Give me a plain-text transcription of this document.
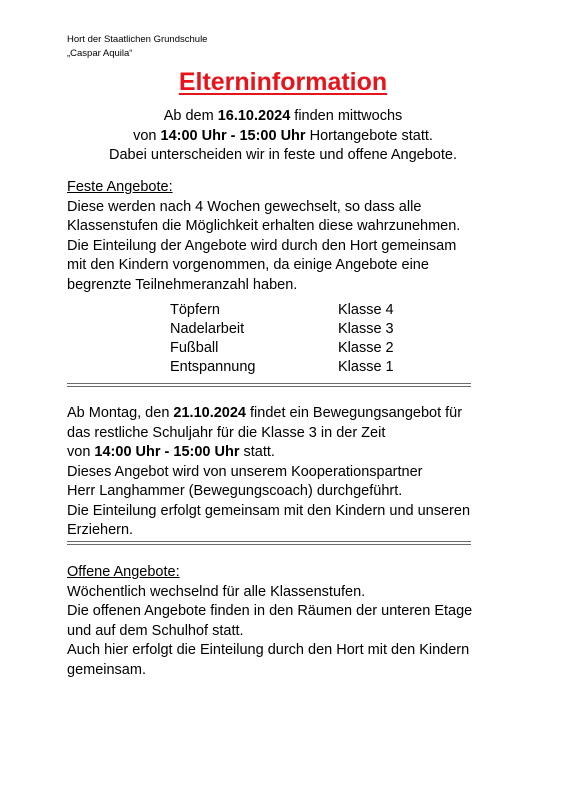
Hort der Staatlichen Grundschule
„Caspar Aquila“
Elterninformation
Ab dem 16.10.2024 finden mittwochs
von 14:00 Uhr - 15:00 Uhr Hortangebote statt.
Dabei unterscheiden wir in feste und offene Angebote.
Feste Angebote:
Diese werden nach 4 Wochen gewechselt, so dass alle
Klassenstufen die Möglichkeit erhalten diese wahrzunehmen.
Die Einteilung der Angebote wird durch den Hort gemeinsam
mit den Kindern vorgenommen, da einige Angebote eine
begrenzte Teilnehmeranzahl haben.
Töpfern	Klasse 4
Nadelarbeit	Klasse 3
Fußball	Klasse 2
Entspannung	Klasse 1
Ab Montag, den 21.10.2024 findet ein Bewegungsangebot für
das restliche Schuljahr für die Klasse 3 in der Zeit
von 14:00 Uhr - 15:00 Uhr statt.
Dieses Angebot wird von unserem Kooperationspartner
Herr Langhammer (Bewegungscoach) durchgeführt.
Die Einteilung erfolgt gemeinsam mit den Kindern und unseren
Erziehern.
Offene Angebote:
Wöchentlich wechselnd für alle Klassenstufen.
Die offenen Angebote finden in den Räumen der unteren Etage
und auf dem Schulhof statt.
Auch hier erfolgt die Einteilung durch den Hort mit den Kindern
gemeinsam.
